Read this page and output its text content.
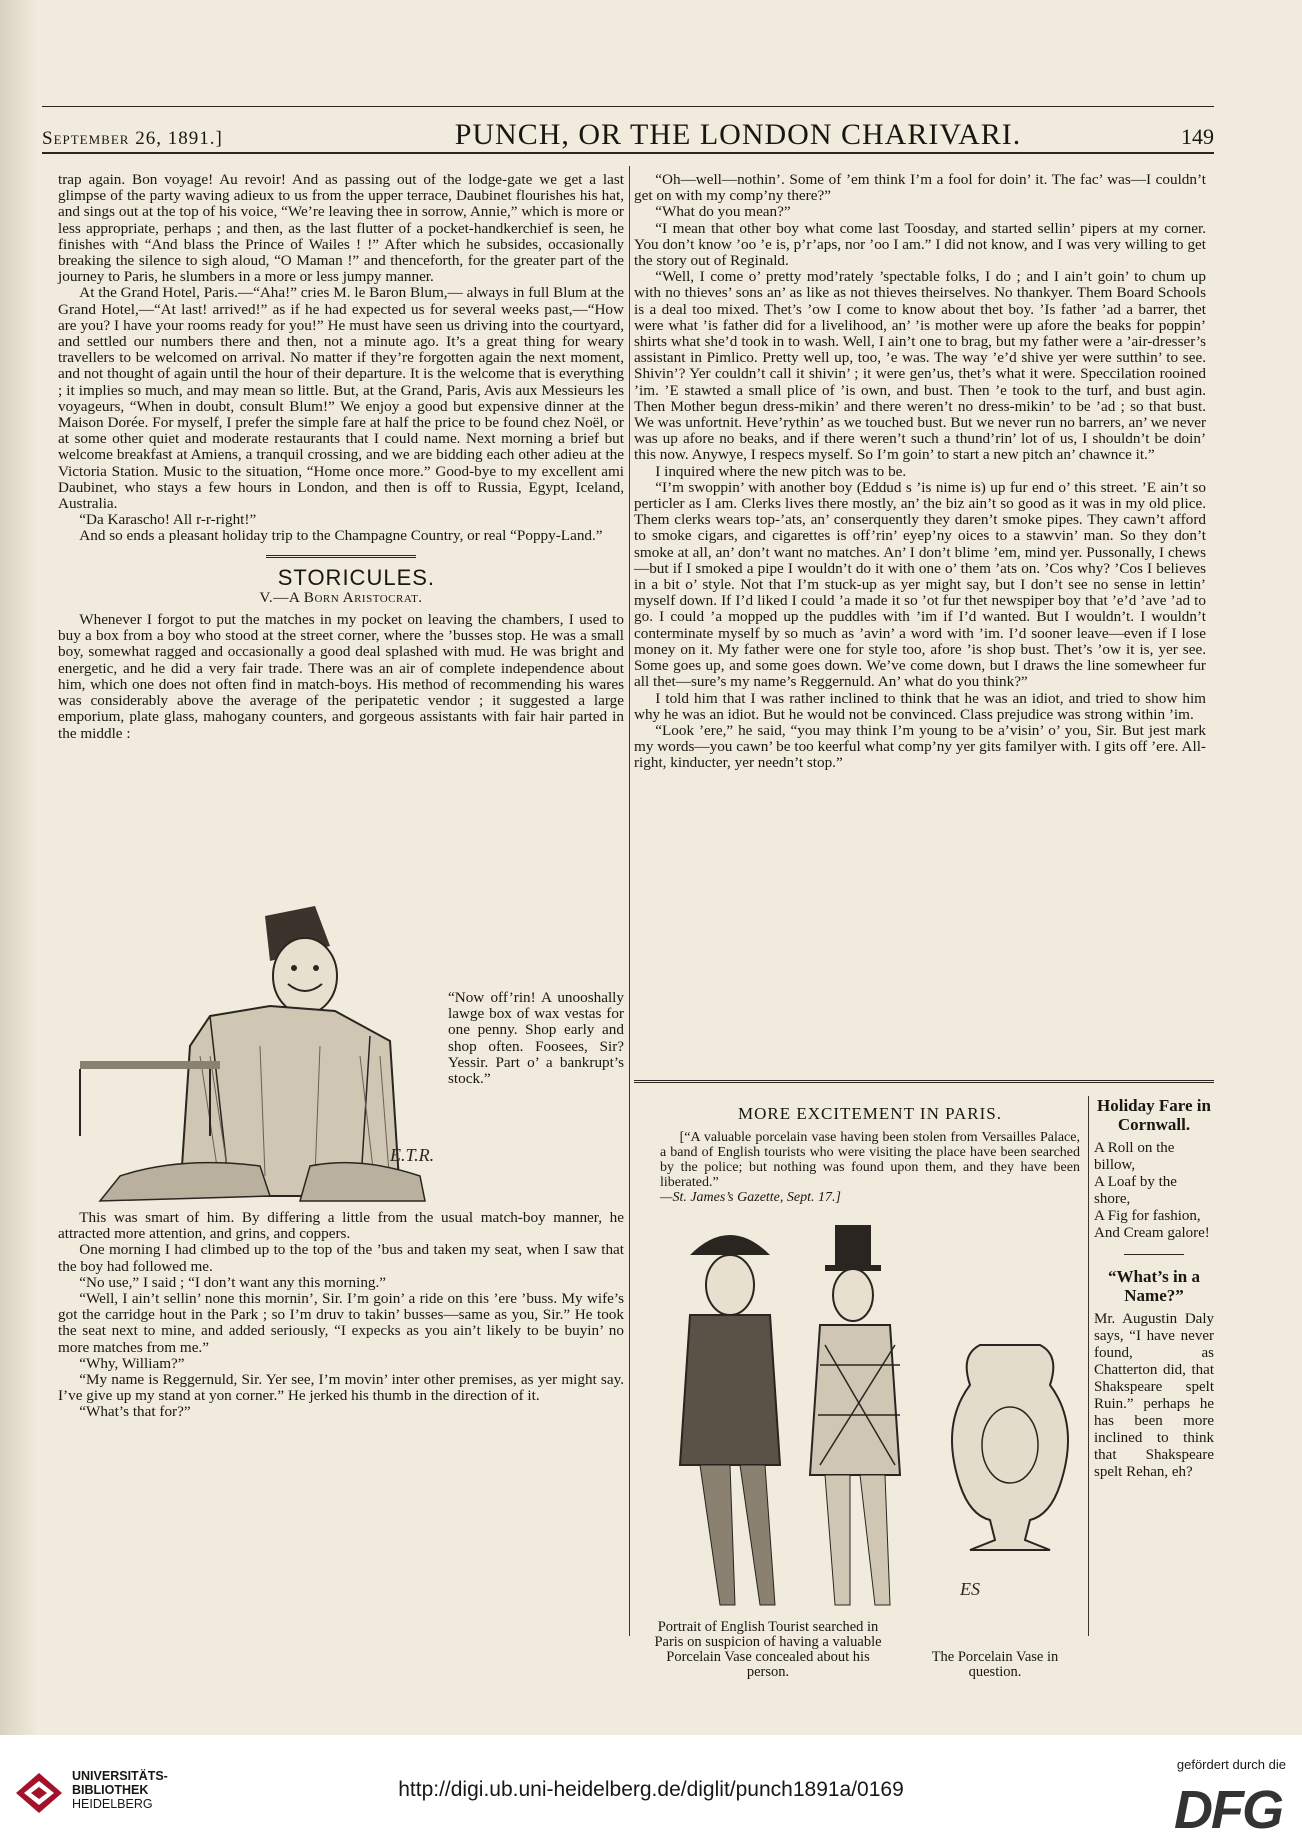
September 26, 1891.]	PUNCH, OR THE LONDON CHARIVARI.	149

trap again. Bon voyage! Au revoir! And as passing out of the lodge-gate we get a last glimpse of the party waving adieux to us from the upper terrace, Daubinet flourishes his hat, and sings out at the top of his voice, “We’re leaving thee in sorrow, Annie,” which is more or less appropriate, perhaps ; and then, as the last flutter of a pocket-handkerchief is seen, he finishes with “And blass the Prince of Wailes ! !” After which he subsides, occasionally breaking the silence to sigh aloud, “O Maman !” and thenceforth, for the greater part of the journey to Paris, he slumbers in a more or less jumpy manner.

At the Grand Hotel, Paris.—“Aha!” cries M. le Baron Blum,— always in full Blum at the Grand Hotel,—“At last! arrived!” as if he had expected us for several weeks past,—“How are you? I have your rooms ready for you!” He must have seen us driving into the courtyard, and settled our numbers there and then, not a minute ago. It’s a great thing for weary travellers to be welcomed on arrival. No matter if they’re forgotten again the next moment, and not thought of again until the hour of their departure. It is the welcome that is everything ; it implies so much, and may mean so little. But, at the Grand, Paris, Avis aux Messieurs les voyageurs, “When in doubt, consult Blum!” We enjoy a good but expensive dinner at the Maison Dorée. For myself, I prefer the simple fare at half the price to be found chez Noël, or at some other quiet and moderate restaurants that I could name. Next morning a brief but welcome breakfast at Amiens, a tranquil crossing, and we are bidding each other adieu at the Victoria Station. Music to the situation, “Home once more.” Good-bye to my excellent ami Daubinet, who stays a few hours in London, and then is off to Russia, Egypt, Iceland, Australia.

“Da Karascho! All r-r-right!”

And so ends a pleasant holiday trip to the Champagne Country, or real “Poppy-Land.”

STORICULES.

V.—A Born Aristocrat.

Whenever I forgot to put the matches in my pocket on leaving the chambers, I used to buy a box from a boy who stood at the street corner, where the ’busses stop. He was a small boy, somewhat ragged and occasionally a good deal splashed with mud. He was bright and energetic, and he did a very fair trade. There was an air of complete independence about him, which one does not often find in match-boys. His method of recommending his wares was considerably above the average of the peripatetic vendor ; it suggested a large emporium, plate glass, mahogany counters, and gorgeous assistants with fair hair parted in the middle :

E.T.R.

“Now off’rin! A unooshally lawge box of wax vestas for one penny. Shop early and shop often. Foosees, Sir? Yessir. Part o’ a bankrupt’s stock.”

This was smart of him. By differing a little from the usual match-boy manner, he attracted more attention, and grins, and coppers.

One morning I had climbed up to the top of the ’bus and taken my seat, when I saw that the boy had followed me.

“No use,” I said ; “I don’t want any this morning.”

“Well, I ain’t sellin’ none this mornin’, Sir. I’m goin’ a ride on this ’ere ’buss. My wife’s got the carridge hout in the Park ; so I’m druv to takin’ busses—same as you, Sir.” He took the seat next to mine, and added seriously, “I expecks as you ain’t likely to be buyin’ no more matches from me.”

“Why, William?”

“My name is Reggernuld, Sir. Yer see, I’m movin’ inter other premises, as yer might say. I’ve give up my stand at yon corner.” He jerked his thumb in the direction of it.

“What’s that for?”

“Oh—well—nothin’. Some of ’em think I’m a fool for doin’ it. The fac’ was—I couldn’t get on with my comp’ny there?”

“What do you mean?”

“I mean that other boy what come last Toosday, and started sellin’ pipers at my corner. You don’t know ’oo ’e is, p’r’aps, nor ’oo I am.” I did not know, and I was very willing to get the story out of Reginald.

“Well, I come o’ pretty mod’rately ’spectable folks, I do ; and I ain’t goin’ to chum up with no thieves’ sons an’ as like as not thieves theirselves. No thankyer. Them Board Schools is a deal too mixed. Thet’s ’ow I come to know about thet boy. ’Is father ’ad a barrer, thet were what ’is father did for a livelihood, an’ ’is mother were up afore the beaks for poppin’ shirts what she’d took in to wash. Well, I ain’t one to brag, but my father were a ’air-dresser’s assistant in Pimlico. Pretty well up, too, ’e was. The way ’e’d shive yer were sutthin’ to see. Shivin’? Yer couldn’t call it shivin’ ; it were gen’us, thet’s what it were. Speccilation rooined ’im. ’E stawted a small plice of ’is own, and bust. Then ’e took to the turf, and bust agin. Then Mother begun dress-mikin’ and there weren’t no dress-mikin’ to be ’ad ; so that bust. We was unfortnit. Heve’rythin’ as we touched bust. But we never run no barrers, an’ we never was up afore no beaks, and if there weren’t such a thund’rin’ lot of us, I shouldn’t be doin’ this now. Anywye, I respecs myself. So I’m goin’ to start a new pitch an’ chawnce it.”

I inquired where the new pitch was to be.

“I’m swoppin’ with another boy (Eddud s ’is nime is) up fur end o’ this street. ’E ain’t so perticler as I am. Clerks lives there mostly, an’ the biz ain’t so good as it was in my old plice. Them clerks wears top-’ats, an’ conserquently they daren’t smoke pipes. They cawn’t afford to smoke cigars, and cigarettes is off’rin’ eyep’ny oices to a stawvin’ man. So they don’t smoke at all, an’ don’t want no matches. An’ I don’t blime ’em, mind yer. Pussonally, I chews—but if I smoked a pipe I wouldn’t do it with one o’ them ’ats on. ’Cos why? ’Cos I believes in a bit o’ style. Not that I’m stuck-up as yer might say, but I don’t see no sense in lettin’ myself down. If I’d liked I could ’a made it so ’ot fur thet newspiper boy that ’e’d ’ave ’ad to go. I could ’a mopped up the puddles with ’im if I’d wanted. But I wouldn’t. I wouldn’t conterminate myself by so much as ’avin’ a word with ’im. I’d sooner leave—even if I lose money on it. My father were one for style too, afore ’is shop bust. Thet’s ’ow it is, yer see. Some goes up, and some goes down. We’ve come down, but I draws the line somewheer fur all thet—sure’s my name’s Reggernuld. An’ what do you think?”

I told him that I was rather inclined to think that he was an idiot, and tried to show him why he was an idiot. But he would not be convinced. Class prejudice was strong within ’im.

“Look ’ere,” he said, “you may think I’m young to be a’visin’ o’ you, Sir. But jest mark my words—you cawn’ be too keerful what comp’ny yer gits familyer with. I gits off ’ere. All-right, kinducter, yer needn’t stop.”

MORE EXCITEMENT IN PARIS.

[“A valuable porcelain vase having been stolen from Versailles Palace, a band of English tourists who were visiting the place have been searched by the police; but nothing was found upon them, and they have been liberated.”

—St. James’s Gazette, Sept. 17.]

ES
Portrait of English Tourist searched in Paris on suspicion of having a valuable Porcelain Vase concealed about his person.
The Porcelain Vase in question.
Holiday Fare in Cornwall.
A Roll on the billow,
A Loaf by the shore,
A Fig for fashion,
And Cream galore!
“What’s in a Name?”
Mr. Augustin Daly says, “I have never found, as Chatterton did, that Shakspeare spelt Ruin.” perhaps he has been more inclined to think that Shakspeare spelt Rehan, eh?
UNIVERSITÄTS-
BIBLIOTHEK
HEIDELBERG
http://digi.ub.uni-heidelberg.de/diglit/punch1891a/0169
gefördert durch die
DFG
